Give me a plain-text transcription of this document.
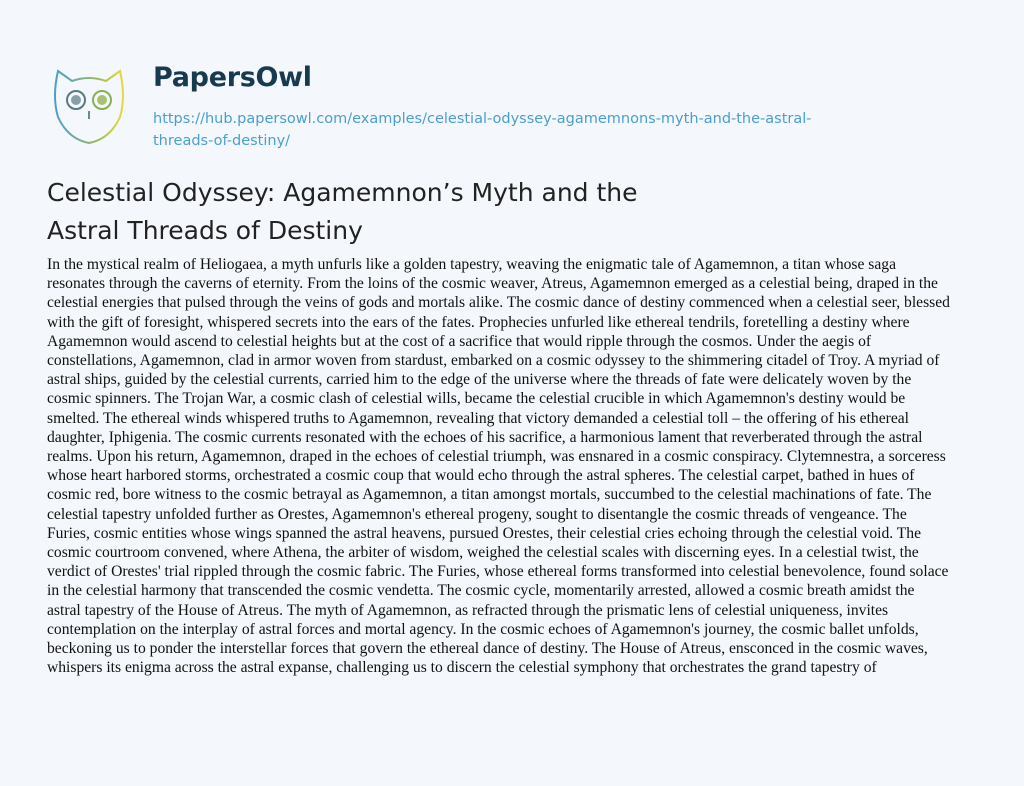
PapersOwl
https://hub.papersowl.com/examples/celestial-odyssey-agamemnons-myth-and-the-astral-
threads-of-destiny/
Celestial Odyssey: Agamemnon’s Myth and the
Astral Threads of Destiny
In the mystical realm of Heliogaea, a myth unfurls like a golden tapestry, weaving the enigmatic tale of Agamemnon, a titan whose saga
resonates through the caverns of eternity. From the loins of the cosmic weaver, Atreus, Agamemnon emerged as a celestial being, draped in the
celestial energies that pulsed through the veins of gods and mortals alike. The cosmic dance of destiny commenced when a celestial seer, blessed
with the gift of foresight, whispered secrets into the ears of the fates. Prophecies unfurled like ethereal tendrils, foretelling a destiny where
Agamemnon would ascend to celestial heights but at the cost of a sacrifice that would ripple through the cosmos. Under the aegis of
constellations, Agamemnon, clad in armor woven from stardust, embarked on a cosmic odyssey to the shimmering citadel of Troy. A myriad of
astral ships, guided by the celestial currents, carried him to the edge of the universe where the threads of fate were delicately woven by the
cosmic spinners. The Trojan War, a cosmic clash of celestial wills, became the celestial crucible in which Agamemnon's destiny would be
smelted. The ethereal winds whispered truths to Agamemnon, revealing that victory demanded a celestial toll – the offering of his ethereal
daughter, Iphigenia. The cosmic currents resonated with the echoes of his sacrifice, a harmonious lament that reverberated through the astral
realms. Upon his return, Agamemnon, draped in the echoes of celestial triumph, was ensnared in a cosmic conspiracy. Clytemnestra, a sorceress
whose heart harbored storms, orchestrated a cosmic coup that would echo through the astral spheres. The celestial carpet, bathed in hues of
cosmic red, bore witness to the cosmic betrayal as Agamemnon, a titan amongst mortals, succumbed to the celestial machinations of fate. The
celestial tapestry unfolded further as Orestes, Agamemnon's ethereal progeny, sought to disentangle the cosmic threads of vengeance. The
Furies, cosmic entities whose wings spanned the astral heavens, pursued Orestes, their celestial cries echoing through the celestial void. The
cosmic courtroom convened, where Athena, the arbiter of wisdom, weighed the celestial scales with discerning eyes. In a celestial twist, the
verdict of Orestes' trial rippled through the cosmic fabric. The Furies, whose ethereal forms transformed into celestial benevolence, found solace
in the celestial harmony that transcended the cosmic vendetta. The cosmic cycle, momentarily arrested, allowed a cosmic breath amidst the
astral tapestry of the House of Atreus. The myth of Agamemnon, as refracted through the prismatic lens of celestial uniqueness, invites
contemplation on the interplay of astral forces and mortal agency. In the cosmic echoes of Agamemnon's journey, the cosmic ballet unfolds,
beckoning us to ponder the interstellar forces that govern the ethereal dance of destiny. The House of Atreus, ensconced in the cosmic waves,
whispers its enigma across the astral expanse, challenging us to discern the celestial symphony that orchestrates the grand tapestry of
